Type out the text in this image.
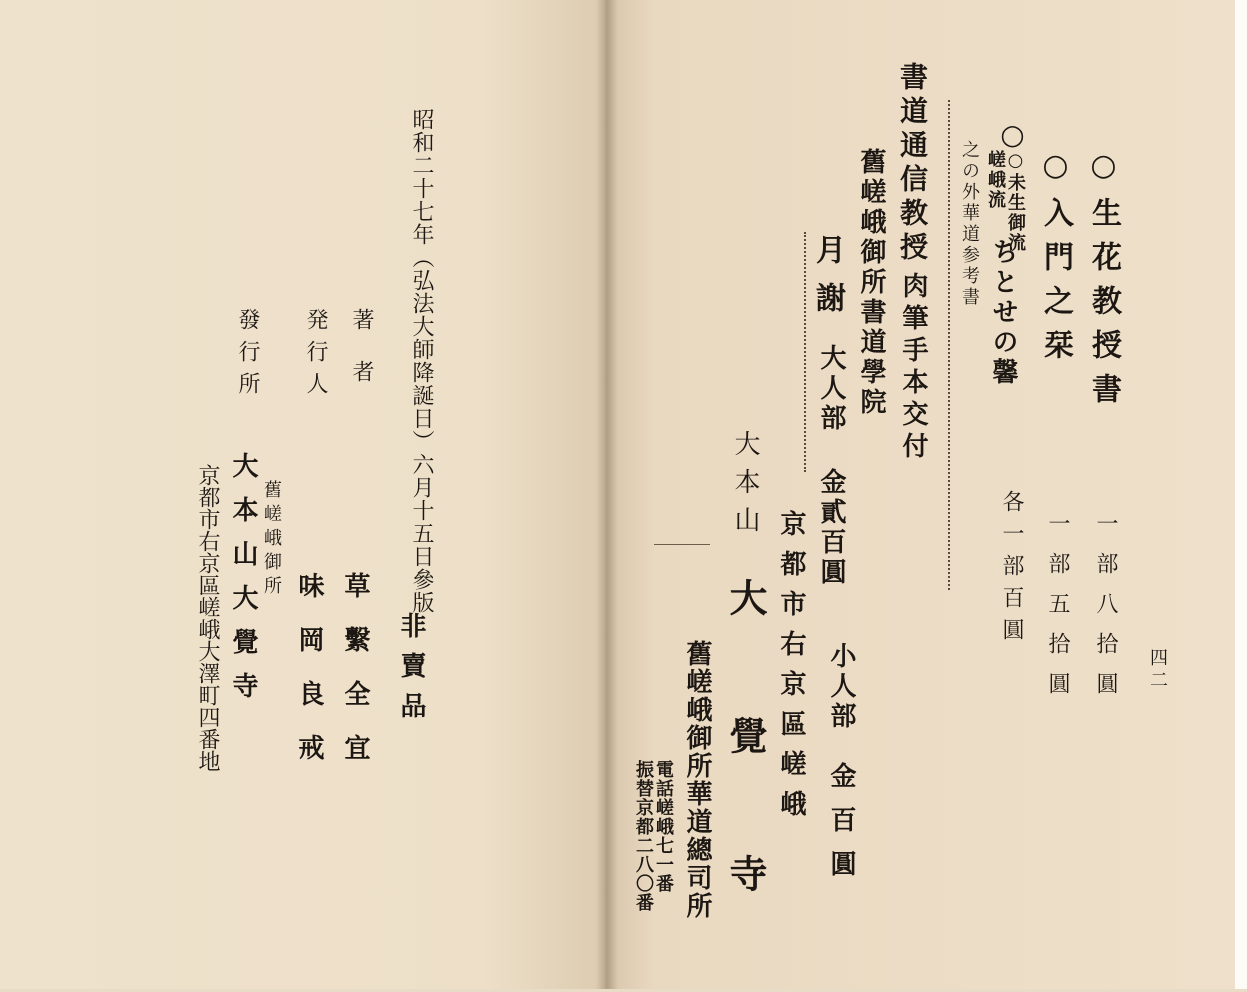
四二
○生花教授書
一部八拾圓
○入門之栞
一部五拾圓
○
○未生御流
嵯峨流
ちとせの馨
各一部百圓
之の外華道参考書
書道通信教授
肉筆手本交付
舊嵯峨御所書道學院
月謝
大人部
金貳百圓
小人部
金百圓
京都市右京區嵯峨
大本山
大覺寺
舊嵯峨御所華道總司所
電話嵯峨七一番
振替京都二八〇番
非賣品
昭和二十七年（弘法大師降誕日）六月十五日參版
著者
草繫全宜
発行人
味岡良戒
發行所
舊嵯峨御所
大本山大覺寺
京都市右京區嵯峨大澤町四番地
